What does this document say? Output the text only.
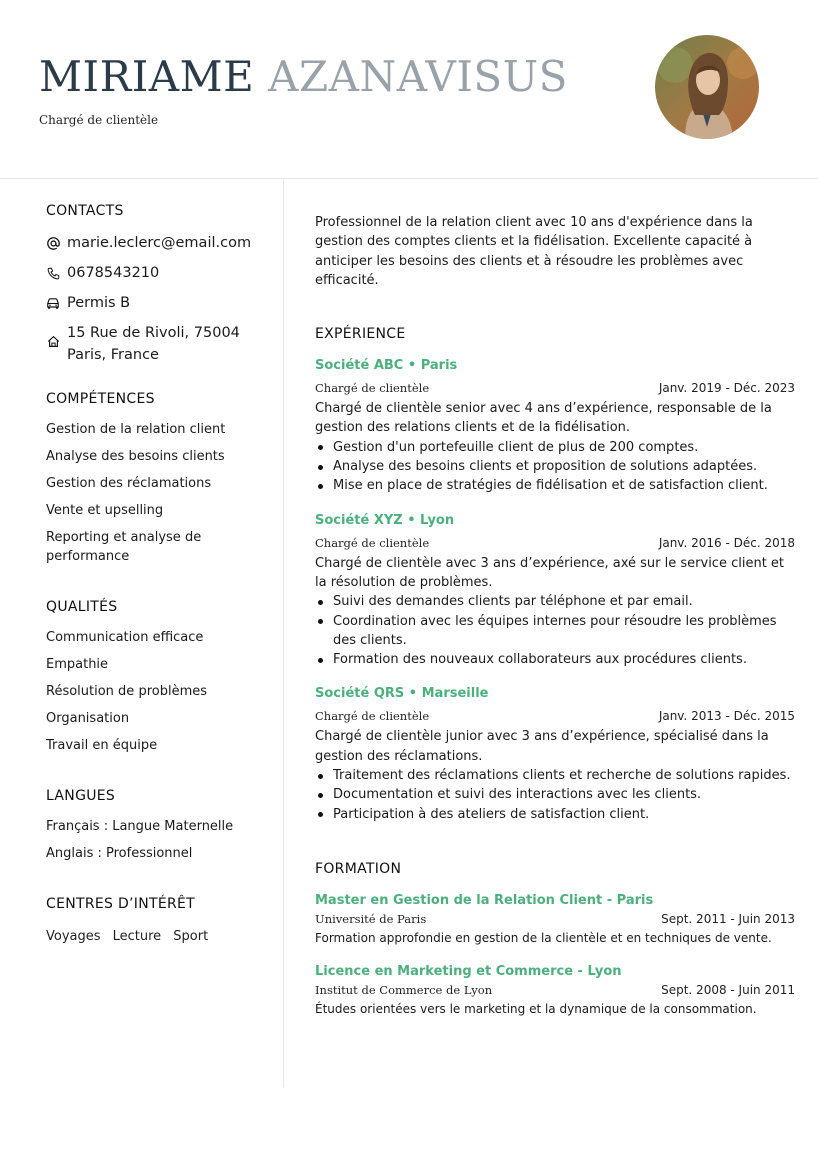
MIRIAME AZANAVISUS
Chargé de clientèle
CONTACTS
marie.leclerc@email.com
0678543210
Permis B
15 Rue de Rivoli, 75004 Paris, France
COMPÉTENCES
Gestion de la relation client
Analyse des besoins clients
Gestion des réclamations
Vente et upselling
Reporting et analyse de performance
QUALITÉS
Communication efficace
Empathie
Résolution de problèmes
Organisation
Travail en équipe
LANGUES
Français : Langue Maternelle
Anglais : Professionnel
CENTRES D’INTÉRÊT
Voyages Lecture Sport

Professionnel de la relation client avec 10 ans d'expérience dans la gestion des comptes clients et la fidélisation. Excellente capacité à anticiper les besoins des clients et à résoudre les problèmes avec efficacité.

EXPÉRIENCE
Société ABC • Paris
Chargé de clientèle	Janv. 2019 - Déc. 2023
Chargé de clientèle senior avec 4 ans d’expérience, responsable de la gestion des relations clients et de la fidélisation.
Gestion d'un portefeuille client de plus de 200 comptes.
Analyse des besoins clients et proposition de solutions adaptées.
Mise en place de stratégies de fidélisation et de satisfaction client.
Société XYZ • Lyon
Chargé de clientèle	Janv. 2016 - Déc. 2018
Chargé de clientèle avec 3 ans d’expérience, axé sur le service client et la résolution de problèmes.
Suivi des demandes clients par téléphone et par email.
Coordination avec les équipes internes pour résoudre les problèmes des clients.
Formation des nouveaux collaborateurs aux procédures clients.
Société QRS • Marseille
Chargé de clientèle	Janv. 2013 - Déc. 2015
Chargé de clientèle junior avec 3 ans d’expérience, spécialisé dans la gestion des réclamations.
Traitement des réclamations clients et recherche de solutions rapides.
Documentation et suivi des interactions avec les clients.
Participation à des ateliers de satisfaction client.
FORMATION
Master en Gestion de la Relation Client - Paris
Université de Paris	Sept. 2011 - Juin 2013
Formation approfondie en gestion de la clientèle et en techniques de vente.
Licence en Marketing et Commerce - Lyon
Institut de Commerce de Lyon	Sept. 2008 - Juin 2011
Études orientées vers le marketing et la dynamique de la consommation.
